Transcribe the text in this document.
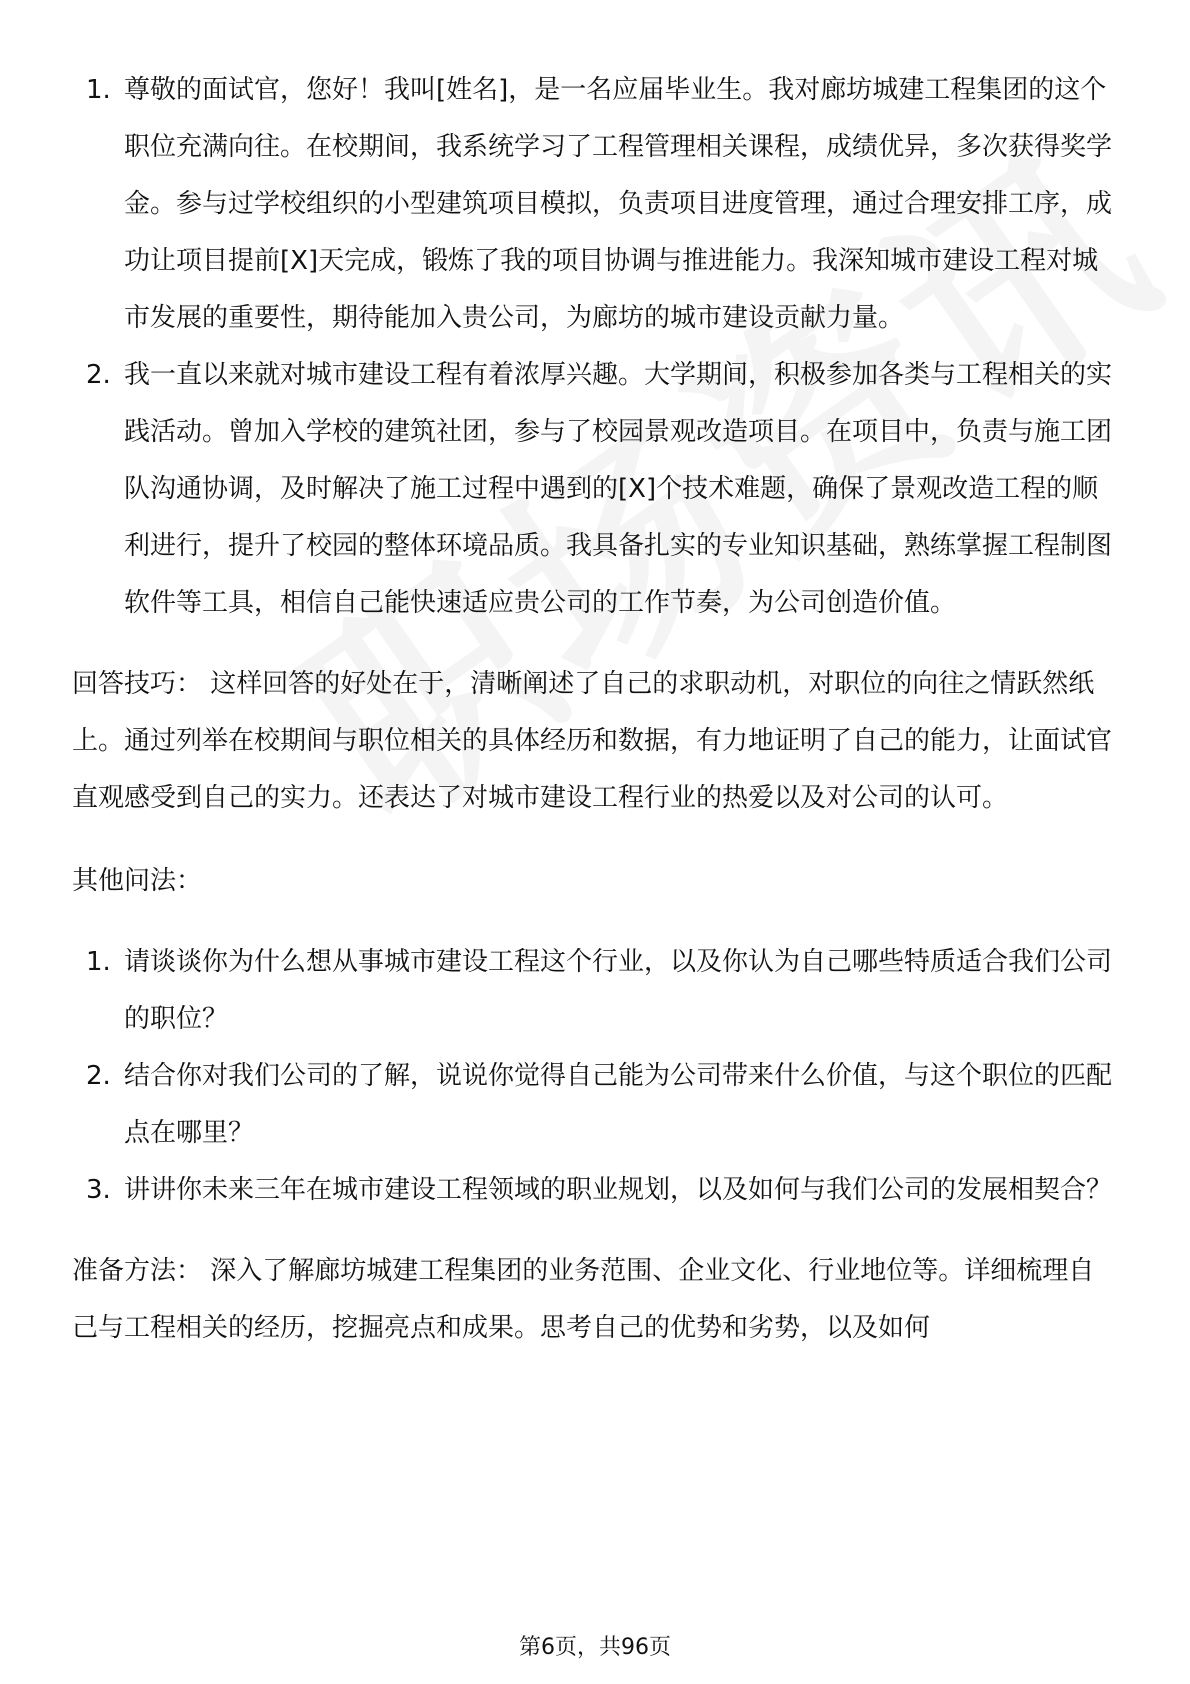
1. 尊敬的面试官，您好！我叫[姓名]，是一名应届毕业生。我对廊坊城建工程集团的这个职位充满向往。在校期间，我系统学习了工程管理相关课程，成绩优异，多次获得奖学金。参与过学校组织的小型建筑项目模拟，负责项目进度管理，通过合理安排工序，成功让项目提前[X]天完成，锻炼了我的项目协调与推进能力。我深知城市建设工程对城市发展的重要性，期待能加入贵公司，为廊坊的城市建设贡献力量。
2. 我一直以来就对城市建设工程有着浓厚兴趣。大学期间，积极参加各类与工程相关的实践活动。曾加入学校的建筑社团，参与了校园景观改造项目。在项目中，负责与施工团队沟通协调，及时解决了施工过程中遇到的[X]个技术难题，确保了景观改造工程的顺利进行，提升了校园的整体环境品质。我具备扎实的专业知识基础，熟练掌握工程制图软件等工具，相信自己能快速适应贵公司的工作节奏，为公司创造价值。

回答技巧： 这样回答的好处在于，清晰阐述了自己的求职动机，对职位的向往之情跃然纸上。通过列举在校期间与职位相关的具体经历和数据，有力地证明了自己的能力，让面试官直观感受到自己的实力。还表达了对城市建设工程行业的热爱以及对公司的认可。

其他问法：

1. 请谈谈你为什么想从事城市建设工程这个行业，以及你认为自己哪些特质适合我们公司的职位？
2. 结合你对我们公司的了解，说说你觉得自己能为公司带来什么价值，与这个职位的匹配点在哪里？
3. 讲讲你未来三年在城市建设工程领域的职业规划，以及如何与我们公司的发展相契合？

准备方法： 深入了解廊坊城建工程集团的业务范围、企业文化、行业地位等。详细梳理自己与工程相关的经历，挖掘亮点和成果。思考自己的优势和劣势，以及如何

第6页，共96页
